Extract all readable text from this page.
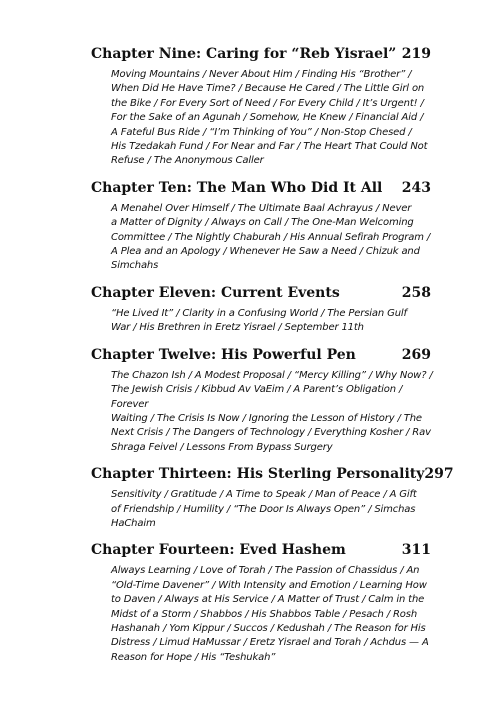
Chapter Nine: Caring for “Reb Yisrael” 219
Moving Mountains / Never About Him / Finding His “Brother” /
When Did He Have Time? / Because He Cared / The Little Girl on
the Bike / For Every Sort of Need / For Every Child / It’s Urgent! /
For the Sake of an Agunah / Somehow, He Knew / Financial Aid /
A Fateful Bus Ride / “I’m Thinking of You” / Non-Stop Chesed /
His Tzedakah Fund / For Near and Far / The Heart That Could Not
Refuse / The Anonymous Caller
Chapter Ten: The Man Who Did It All 243
A Menahel Over Himself / The Ultimate Baal Achrayus / Never
a Matter of Dignity / Always on Call / The One-Man Welcoming
Committee / The Nightly Chaburah / His Annual Sefirah Program /
A Plea and an Apology / Whenever He Saw a Need / Chizuk and
Simchahs
Chapter Eleven: Current Events	258
“He Lived It” / Clarity in a Confusing World / The Persian Gulf
War / His Brethren in Eretz Yisrael / September 11th
Chapter Twelve: His Powerful Pen	269
The Chazon Ish / A Modest Proposal / “Mercy Killing” / Why Now? /
The Jewish Crisis / Kibbud Av VaEim / A Parent’s Obligation / Forever
Waiting / The Crisis Is Now / Ignoring the Lesson of History / The
Next Crisis / The Dangers of Technology / Everything Kosher / Rav
Shraga Feivel / Lessons From Bypass Surgery
Chapter Thirteen: His Sterling Personality 297
Sensitivity / Gratitude / A Time to Speak / Man of Peace / A Gift
of Friendship / Humility / “The Door Is Always Open” / Simchas
HaChaim
Chapter Fourteen: Eved Hashem	311
Always Learning / Love of Torah / The Passion of Chassidus / An
“Old-Time Davener” / With Intensity and Emotion / Learning How
to Daven / Always at His Service / A Matter of Trust / Calm in the
Midst of a Storm / Shabbos / His Shabbos Table / Pesach / Rosh
Hashanah / Yom Kippur / Succos / Kedushah / The Reason for His
Distress / Limud HaMussar / Eretz Yisrael and Torah / Achdus — A
Reason for Hope / His “Teshukah”
